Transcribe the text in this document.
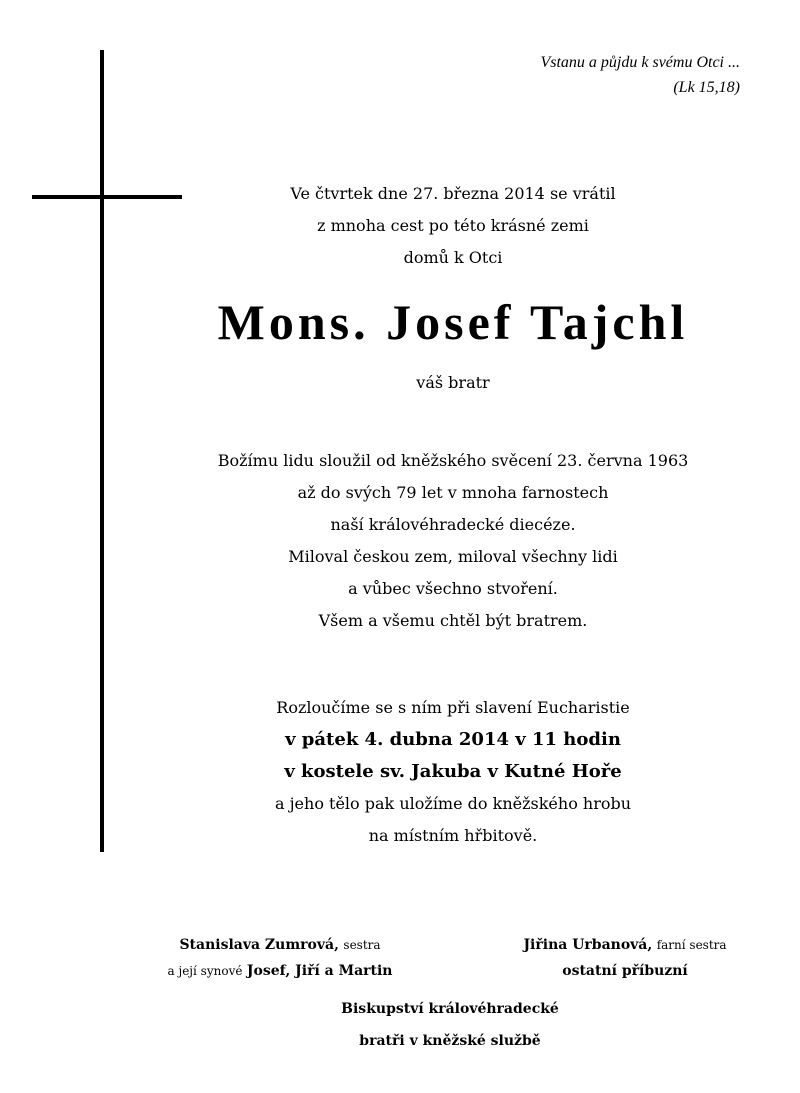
Vstanu a půjdu k svému Otci ...
(Lk 15,18)
Ve čtvrtek dne 27. března 2014 se vrátil
z mnoha cest po této krásné zemi
domů k Otci
Mons. Josef Tajchl
váš bratr
Božímu lidu sloužil od kněžského svěcení 23. června 1963
až do svých 79 let v mnoha farnostech
naší královéhradecké diecéze.
Miloval českou zem, miloval všechny lidi
a vůbec všechno stvoření.
Všem a všemu chtěl být bratrem.
Rozloučíme se s ním při slavení Eucharistie
v pátek 4. dubna 2014 v 11 hodin
v kostele sv. Jakuba v Kutné Hoře
a jeho tělo pak uložíme do kněžského hrobu
na místním hřbitově.
Stanislava Zumrová, sestra
a její synové Josef, Jiří a Martin
Jiřina Urbanová, farní sestra
ostatní příbuzní
Biskupství královéhradecké
bratři v kněžské službě
